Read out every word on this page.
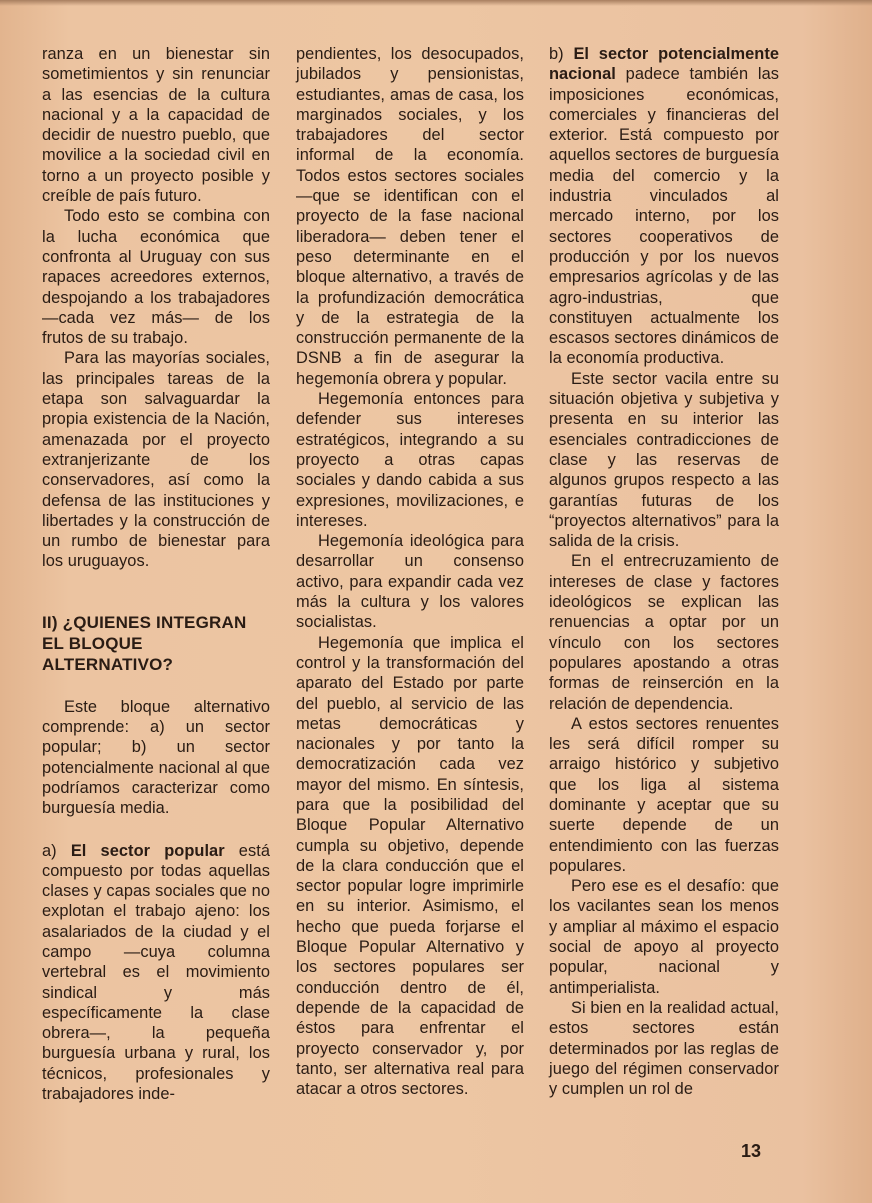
ranza en un bienestar sin sometimientos y sin renunciar a las esencias de la cultura nacional y a la capacidad de decidir de nuestro pueblo, que movilice a la sociedad civil en torno a un proyecto posible y creíble de país futuro.

Todo esto se combina con la lucha económica que confronta al Uruguay con sus rapaces acreedores externos, despojando a los trabajadores —cada vez más— de los frutos de su trabajo.

Para las mayorías sociales, las principales tareas de la etapa son salvaguardar la propia existencia de la Nación, amenazada por el proyecto extranjerizante de los conservadores, así como la defensa de las instituciones y libertades y la construcción de un rumbo de bienestar para los uruguayos.

II) ¿QUIENES INTEGRAN EL BLOQUE ALTERNATIVO?

Este bloque alternativo comprende: a) un sector popular; b) un sector potencialmente nacional al que podríamos caracterizar como burguesía media.

a) El sector popular está compuesto por todas aquellas clases y capas sociales que no explotan el trabajo ajeno: los asalariados de la ciudad y el campo —cuya columna vertebral es el movimiento sindical y más específicamente la clase obrera—, la pequeña burguesía urbana y rural, los técnicos, profesionales y trabajadores inde-

pendientes, los desocupados, jubilados y pensionistas, estudiantes, amas de casa, los marginados sociales, y los trabajadores del sector informal de la economía. Todos estos sectores sociales —que se identifican con el proyecto de la fase nacional liberadora— deben tener el peso determinante en el bloque alternativo, a través de la profundización democrática y de la estrategia de la construcción permanente de la DSNB a fin de asegurar la hegemonía obrera y popular.

Hegemonía entonces para defender sus intereses estratégicos, integrando a su proyecto a otras capas sociales y dando cabida a sus expresiones, movilizaciones, e intereses.

Hegemonía ideológica para desarrollar un consenso activo, para expandir cada vez más la cultura y los valores socialistas.

Hegemonía que implica el control y la transformación del aparato del Estado por parte del pueblo, al servicio de las metas democráticas y nacionales y por tanto la democratización cada vez mayor del mismo. En síntesis, para que la posibilidad del Bloque Popular Alternativo cumpla su objetivo, depende de la clara conducción que el sector popular logre imprimirle en su interior. Asimismo, el hecho que pueda forjarse el Bloque Popular Alternativo y los sectores populares ser conducción dentro de él, depende de la capacidad de éstos para enfrentar el proyecto conservador y, por tanto, ser alternativa real para atacar a otros sectores.

b) El sector potencialmente nacional padece también las imposiciones económicas, comerciales y financieras del exterior. Está compuesto por aquellos sectores de burguesía media del comercio y la industria vinculados al mercado interno, por los sectores cooperativos de producción y por los nuevos empresarios agrícolas y de las agro-industrias, que constituyen actualmente los escasos sectores dinámicos de la economía productiva.

Este sector vacila entre su situación objetiva y subjetiva y presenta en su interior las esenciales contradicciones de clase y las reservas de algunos grupos respecto a las garantías futuras de los “proyectos alternativos” para la salida de la crisis.

En el entrecruzamiento de intereses de clase y factores ideológicos se explican las renuencias a optar por un vínculo con los sectores populares apostando a otras formas de reinserción en la relación de dependencia.

A estos sectores renuentes les será difícil romper su arraigo histórico y subjetivo que los liga al sistema dominante y aceptar que su suerte depende de un entendimiento con las fuerzas populares.

Pero ese es el desafío: que los vacilantes sean los menos y ampliar al máximo el espacio social de apoyo al proyecto popular, nacional y antimperialista.

Si bien en la realidad actual, estos sectores están determinados por las reglas de juego del régimen conservador y cumplen un rol de

13
